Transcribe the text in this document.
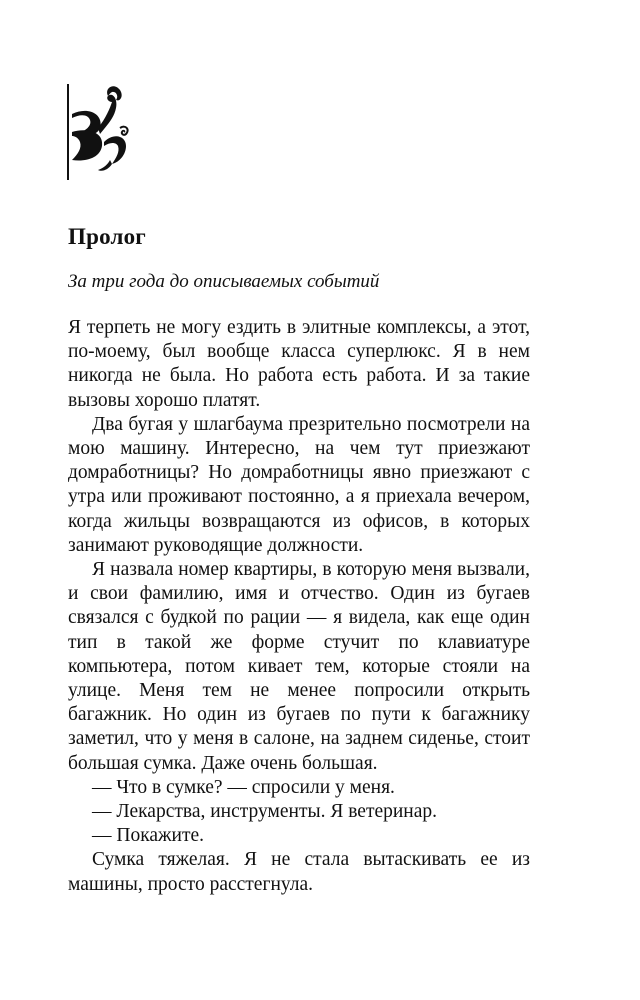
Пролог

За три года до описываемых событий

Я терпеть не могу ездить в элитные комплексы, а этот, по-моему, был вообще класса суперлюкс. Я в нем никогда не была. Но работа есть работа. И за такие вызовы хорошо платят.

Два бугая у шлагбаума презрительно посмотрели на мою машину. Интересно, на чем тут приезжают домработницы? Но домработницы явно приезжают с утра или проживают постоянно, а я приехала вечером, когда жильцы возвращаются из офисов, в которых занимают руководящие должности.

Я назвала номер квартиры, в которую меня вызвали, и свои фамилию, имя и отчество. Один из бугаев связался с будкой по рации — я видела, как еще один тип в такой же форме стучит по клавиатуре компьютера, потом кивает тем, которые стояли на улице. Меня тем не менее попросили открыть багажник. Но один из бугаев по пути к багажнику заметил, что у меня в салоне, на заднем сиденье, стоит большая сумка. Даже очень большая.

— Что в сумке? — спросили у меня.

— Лекарства, инструменты. Я ветеринар.

— Покажите.

Сумка тяжелая. Я не стала вытаскивать ее из машины, просто расстегнула.
